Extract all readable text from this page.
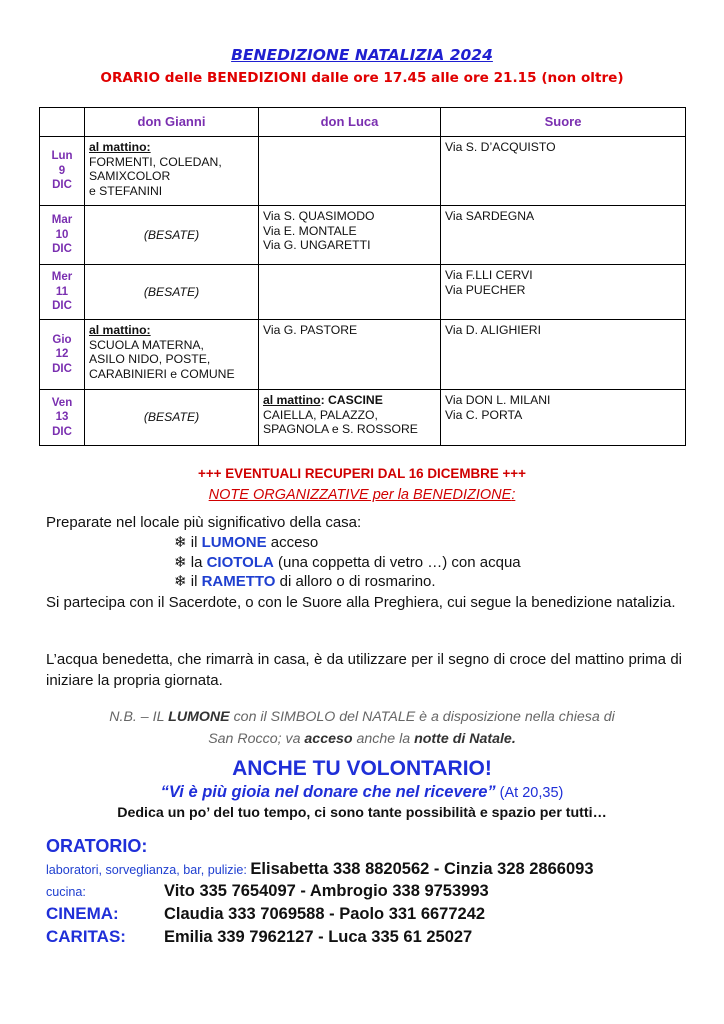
BENEDIZIONE NATALIZIA 2024
ORARIO delle BENEDIZIONI dalle ore 17.45 alle ore 21.15 (non oltre)
	don Gianni	don Luca	Suore

Lun
9
DIC	al mattino:
FORMENTI, COLEDAN,
SAMIXCOLOR
e STEFANINI		Via S. D’ACQUISTO

Mar
10
DIC	(BESATE)	Via S. QUASIMODO
Via E. MONTALE
Via G. UNGARETTI	Via SARDEGNA

Mer
11
DIC	(BESATE)		Via F.LLI CERVI
Via PUECHER

Gio
12
DIC	al mattino:
SCUOLA MATERNA,
ASILO NIDO, POSTE,
CARABINIERI e COMUNE	Via G. PASTORE	Via D. ALIGHIERI

Ven
13
DIC	(BESATE)	al mattino: CASCINE
CAIELLA, PALAZZO,
SPAGNOLA e S. ROSSORE	Via DON L. MILANI
Via C. PORTA
+++ EVENTUALI RECUPERI DAL 16 DICEMBRE +++
NOTE ORGANIZZATIVE per la BENEDIZIONE:
Preparate nel locale più significativo della casa:
❄ il LUMONE acceso
❄ la CIOTOLA (una coppetta di vetro …) con acqua
❄ il RAMETTO di alloro o di rosmarino.
Si partecipa con il Sacerdote, o con le Suore alla Preghiera, cui segue la benedizione natalizia.
L’acqua benedetta, che rimarrà in casa, è da utilizzare per il segno di croce del mattino prima di iniziare la propria giornata.
N.B. – IL LUMONE con il SIMBOLO del NATALE è a disposizione nella chiesa di
San Rocco; va acceso anche la notte di Natale.
ANCHE TU VOLONTARIO!
“Vi è più gioia nel donare che nel ricevere” (At 20,35)
Dedica un po’ del tuo tempo, ci sono tante possibilità e spazio per tutti…
ORATORIO:
laboratori, sorveglianza, bar, pulizie: Elisabetta 338 8820562 - Cinzia 328 2866093
cucina:	Vito 335 7654097 - Ambrogio 338 9753993
CINEMA:	Claudia 333 7069588 - Paolo 331 6677242
CARITAS: Emilia 339 7962127 - Luca 335 61 25027
